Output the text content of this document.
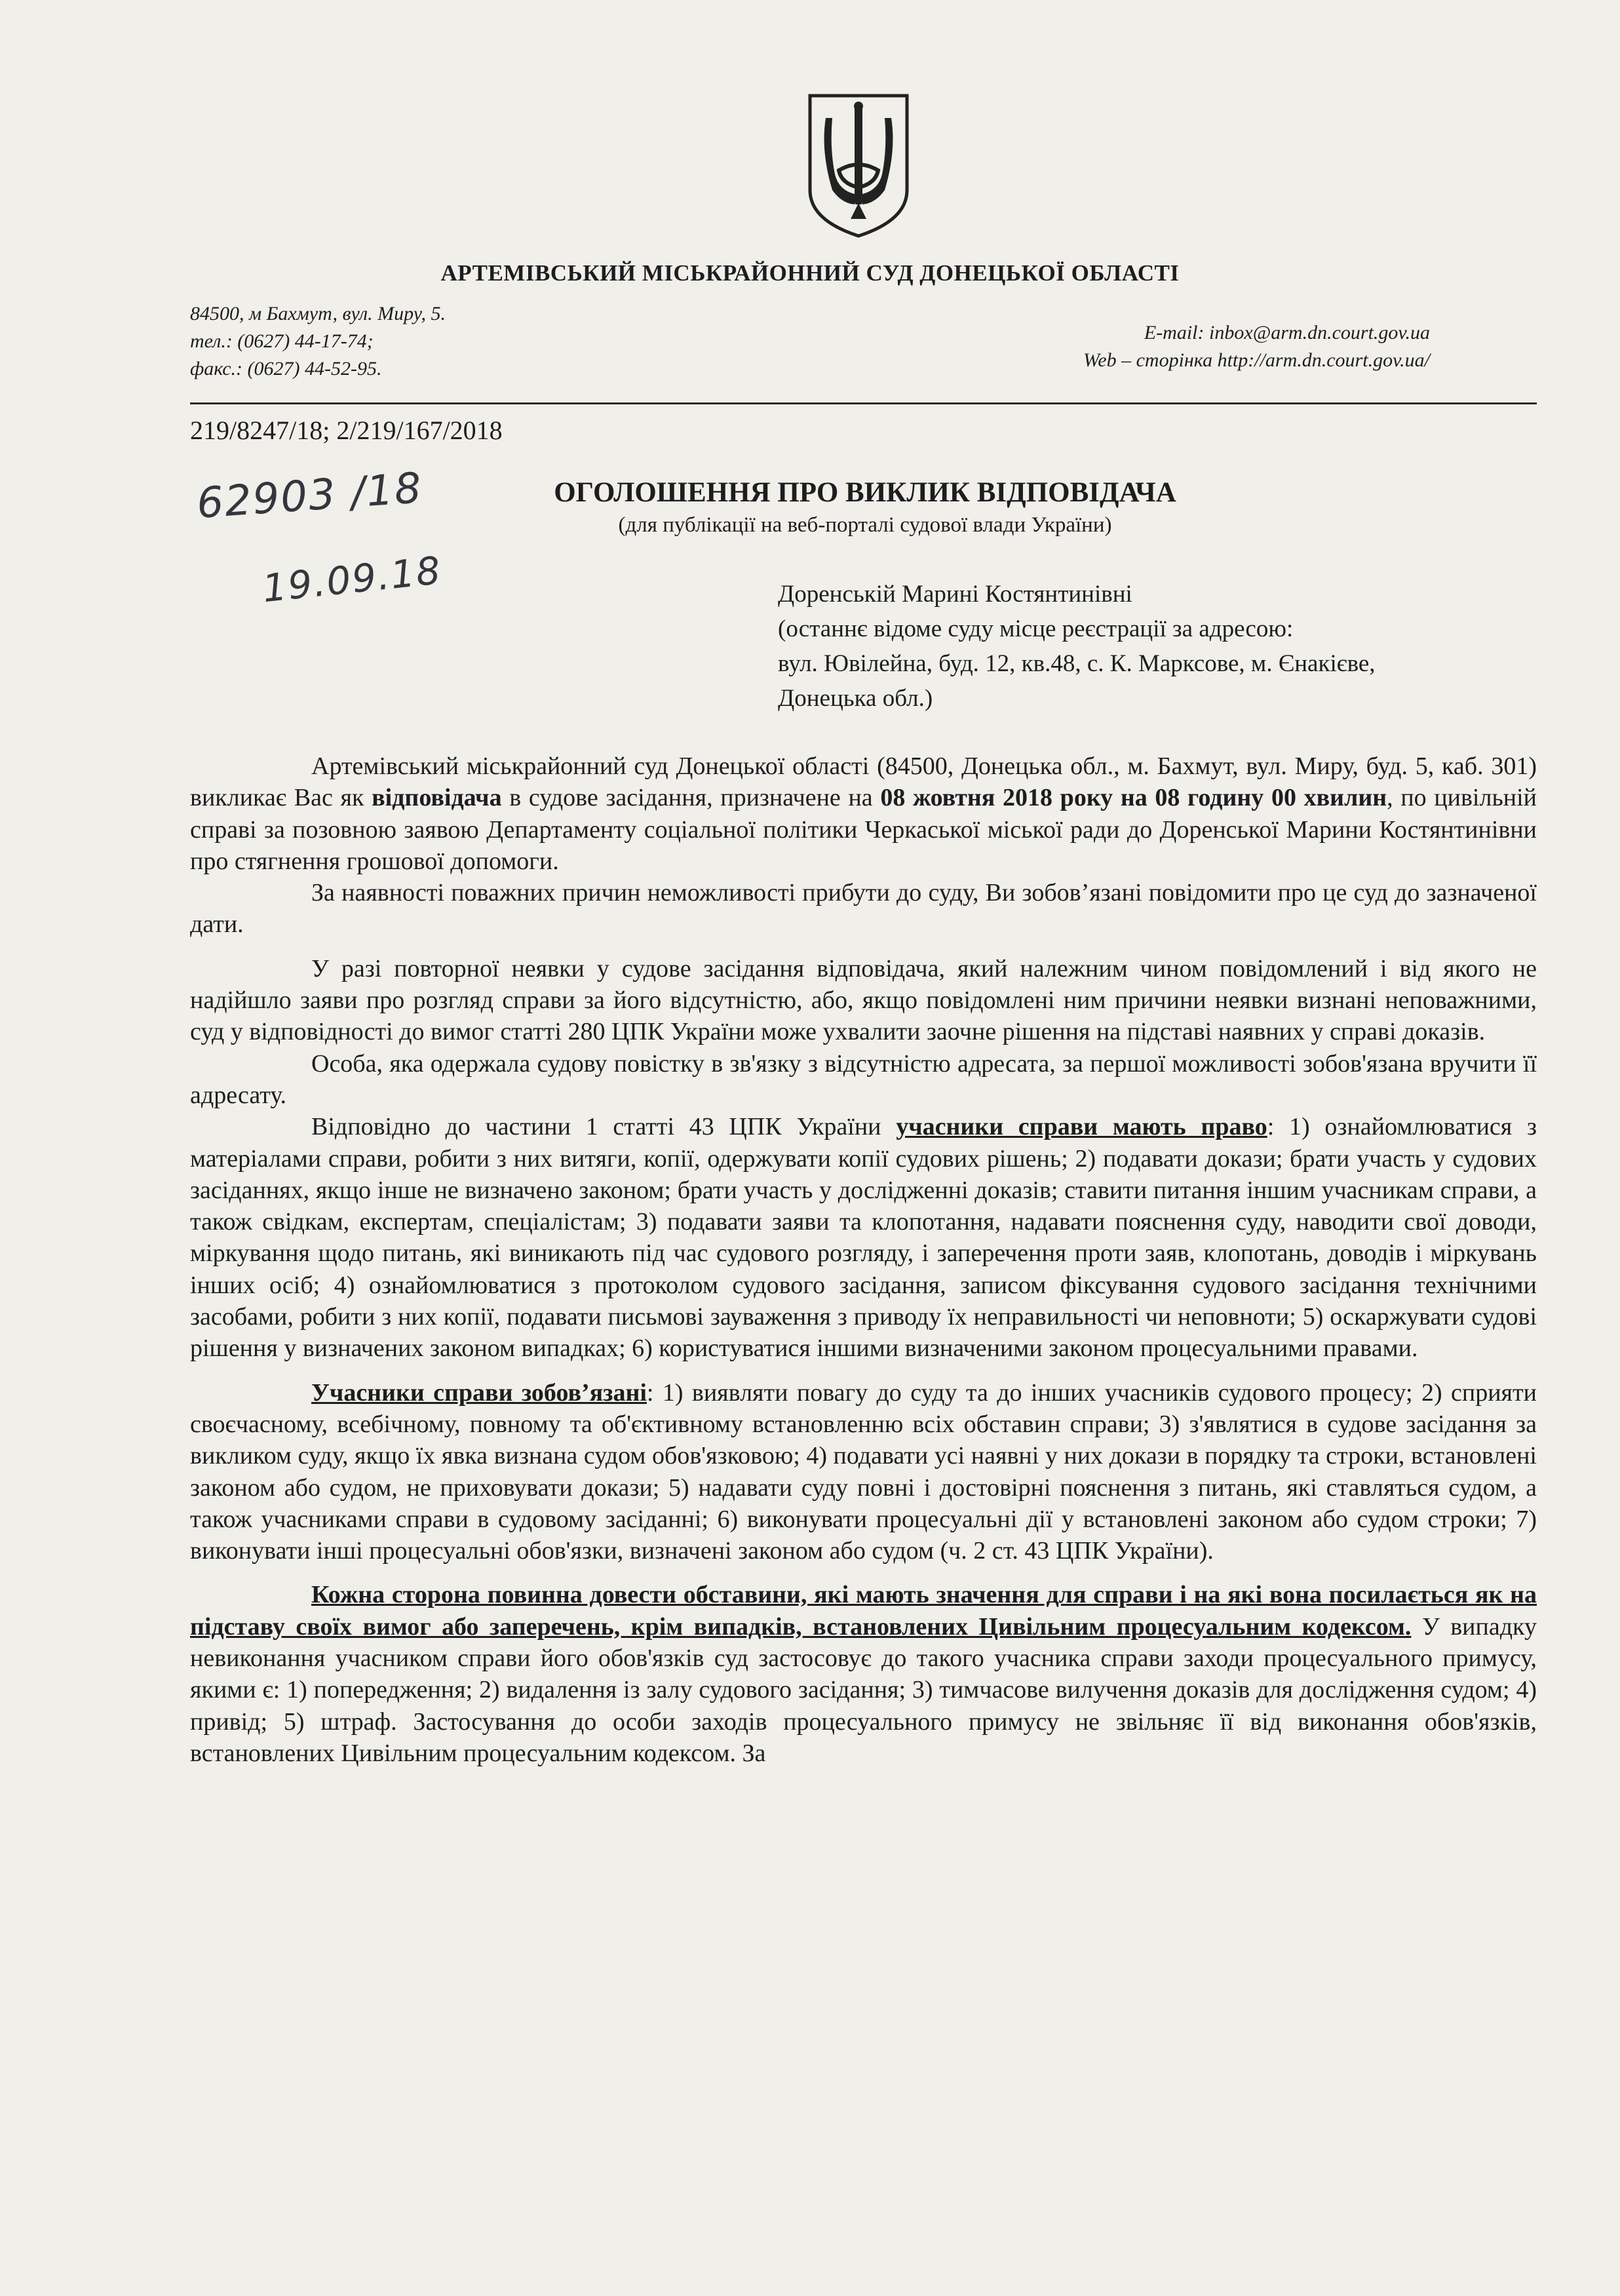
АРТЕМІВСЬКИЙ МІСЬКРАЙОННИЙ СУД ДОНЕЦЬКОЇ ОБЛАСТІ
84500, м Бахмут, вул. Миру, 5.
тел.: (0627) 44-17-74;
факс.: (0627) 44-52-95.
E-mail: inbox@arm.dn.court.gov.ua
Web – сторінка http://arm.dn.court.gov.ua/
219/8247/18; 2/219/167/2018
62903 /18
19.09.18
ОГОЛОШЕННЯ ПРО ВИКЛИК ВІДПОВІДАЧА
(для публікації на веб-порталі судової влади України)
Доренській Марині Костянтинівні
(останнє відоме суду місце реєстрації за адресою:
вул. Ювілейна, буд. 12, кв.48, с. К. Марксове, м. Єнакієве,
Донецька обл.)

Артемівський міськрайонний суд Донецької області (84500, Донецька обл., м. Бахмут, вул. Миру, буд. 5, каб. 301) викликає Вас як відповідача в судове засідання, призначене на 08 жовтня 2018 року на 08 годину 00 хвилин, по цивільній справі за позовною заявою Департаменту соціальної політики Черкаської міської ради до Доренської Марини Костянтинівни про стягнення грошової допомоги.

За наявності поважних причин неможливості прибути до суду, Ви зобов’язані повідомити про це суд до зазначеної дати.

У разі повторної неявки у судове засідання відповідача, який належним чином повідомлений і від якого не надійшло заяви про розгляд справи за його відсутністю, або, якщо повідомлені ним причини неявки визнані неповажними, суд у відповідності до вимог статті 280 ЦПК України може ухвалити заочне рішення на підставі наявних у справі доказів.

Особа, яка одержала судову повістку в зв'язку з відсутністю адресата, за першої можливості зобов'язана вручити її адресату.

Відповідно до частини 1 статті 43 ЦПК України учасники справи мають право: 1) ознайомлюватися з матеріалами справи, робити з них витяги, копії, одержувати копії судових рішень; 2) подавати докази; брати участь у судових засіданнях, якщо інше не визначено законом; брати участь у дослідженні доказів; ставити питання іншим учасникам справи, а також свідкам, експертам, спеціалістам; 3) подавати заяви та клопотання, надавати пояснення суду, наводити свої доводи, міркування щодо питань, які виникають під час судового розгляду, і заперечення проти заяв, клопотань, доводів і міркувань інших осіб; 4) ознайомлюватися з протоколом судового засідання, записом фіксування судового засідання технічними засобами, робити з них копії, подавати письмові зауваження з приводу їх неправильності чи неповноти; 5) оскаржувати судові рішення у визначених законом випадках; 6) користуватися іншими визначеними законом процесуальними правами.

Учасники справи зобов’язані: 1) виявляти повагу до суду та до інших учасників судового процесу; 2) сприяти своєчасному, всебічному, повному та об'єктивному встановленню всіх обставин справи; 3) з'являтися в судове засідання за викликом суду, якщо їх явка визнана судом обов'язковою; 4) подавати усі наявні у них докази в порядку та строки, встановлені законом або судом, не приховувати докази; 5) надавати суду повні і достовірні пояснення з питань, які ставляться судом, а також учасниками справи в судовому засіданні; 6) виконувати процесуальні дії у встановлені законом або судом строки; 7) виконувати інші процесуальні обов'язки, визначені законом або судом (ч. 2 ст. 43 ЦПК України).

Кожна сторона повинна довести обставини, які мають значення для справи і на які вона посилається як на підставу своїх вимог або заперечень, крім випадків, встановлених Цивільним процесуальним кодексом. У випадку невиконання учасником справи його обов'язків суд застосовує до такого учасника справи заходи процесуального примусу, якими є: 1) попередження; 2) видалення із залу судового засідання; 3) тимчасове вилучення доказів для дослідження судом; 4) привід; 5) штраф. Застосування до особи заходів процесуального примусу не звільняє її від виконання обов'язків, встановлених Цивільним процесуальним кодексом. За
